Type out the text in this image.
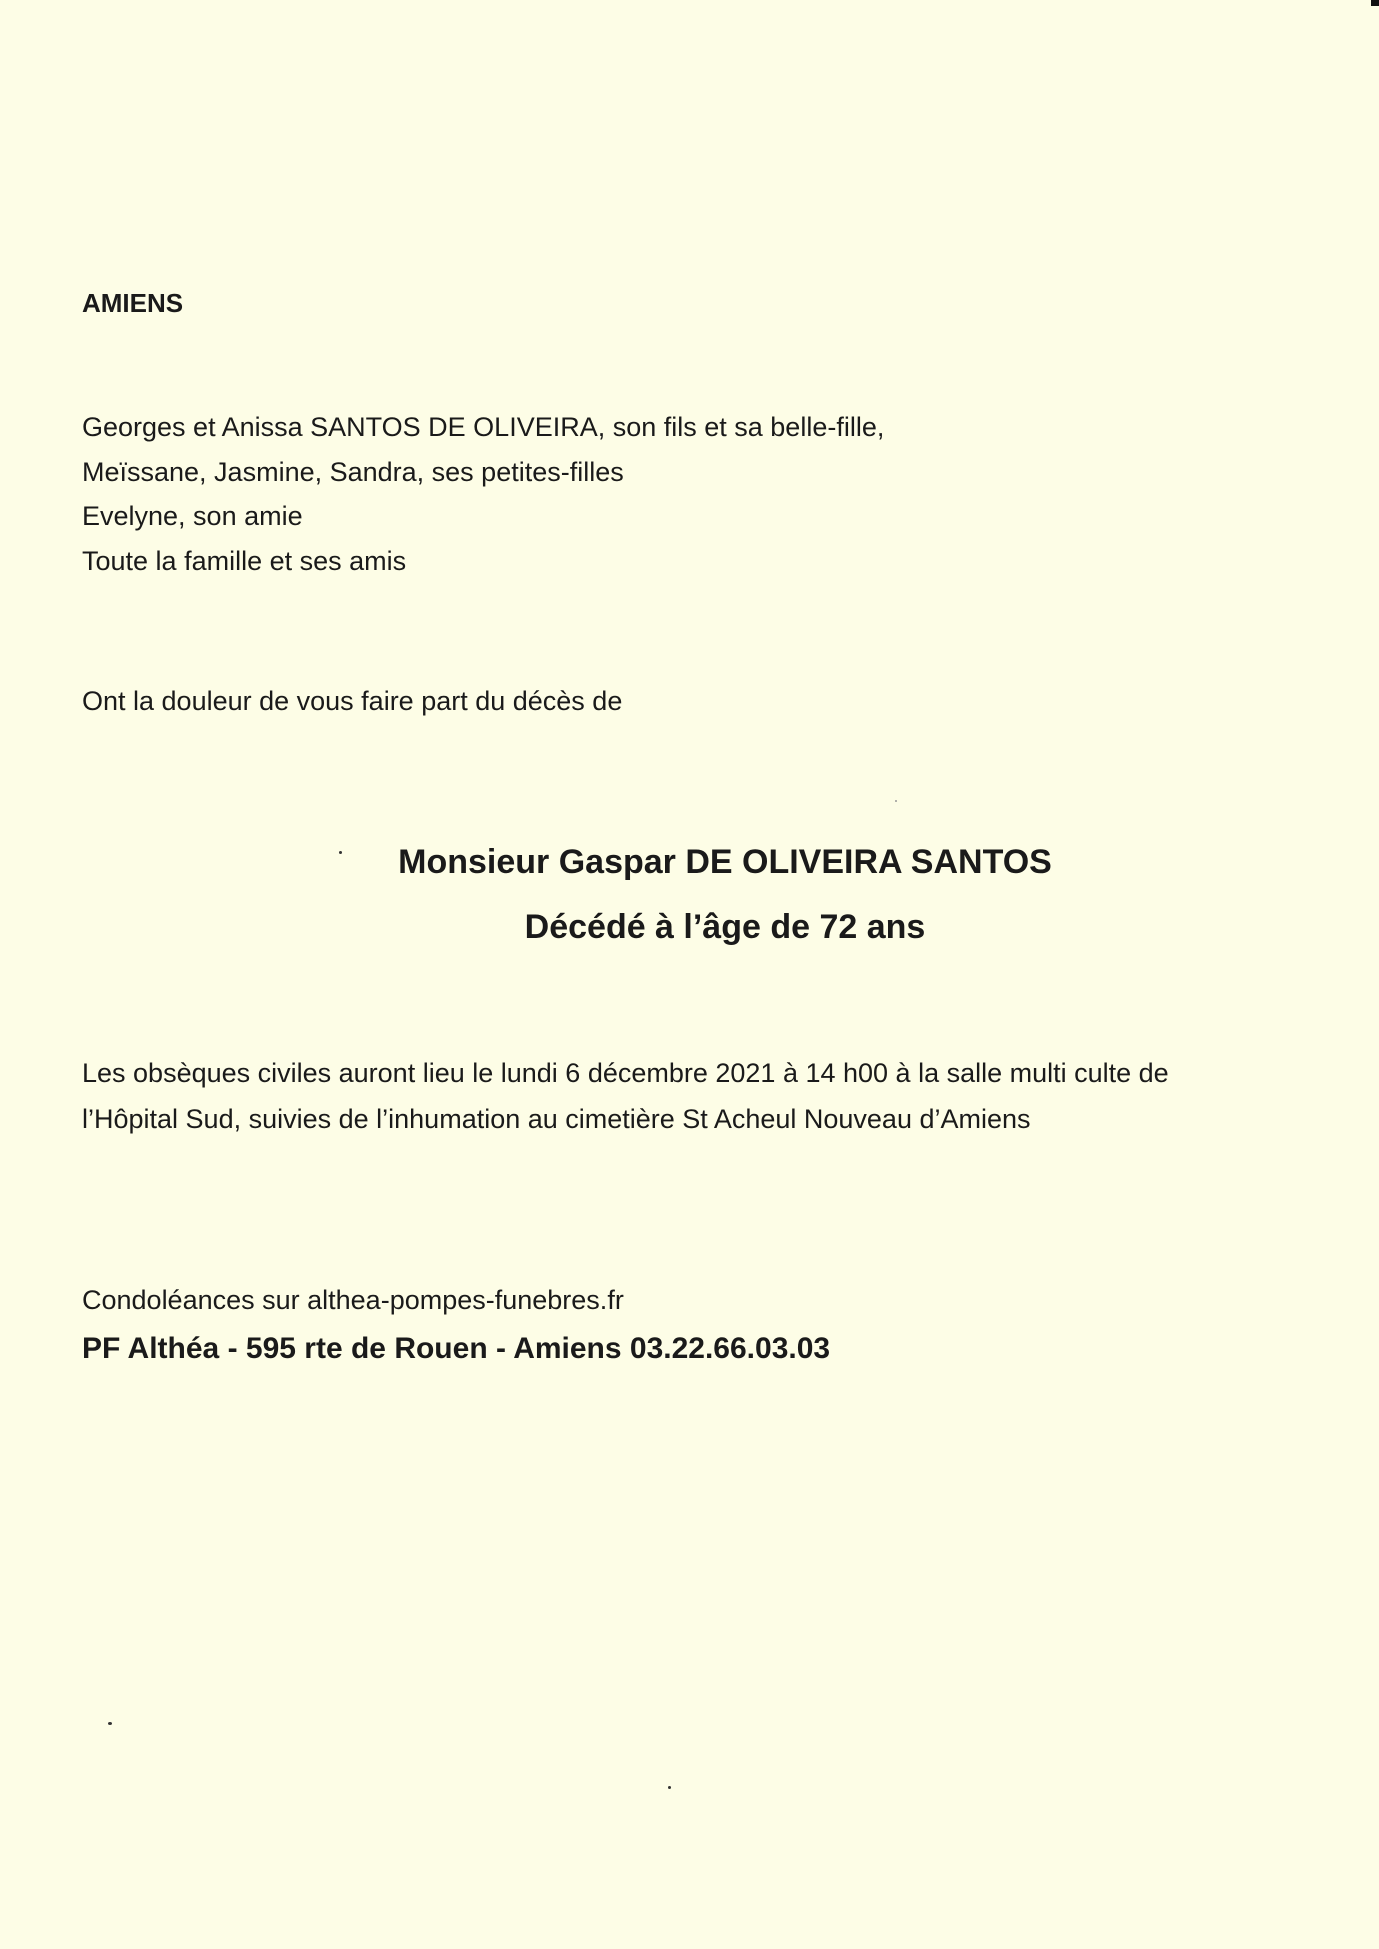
AMIENS
Georges et Anissa SANTOS DE OLIVEIRA, son fils et sa belle-fille,
Meïssane, Jasmine, Sandra, ses petites-filles
Evelyne, son amie
Toute la famille et ses amis
Ont la douleur de vous faire part du décès de
Monsieur Gaspar DE OLIVEIRA SANTOS
Décédé à l’âge de 72 ans
Les obsèques civiles auront lieu le lundi 6 décembre 2021 à 14 h00 à la salle multi culte de
l’Hôpital Sud, suivies de l’inhumation au cimetière St Acheul Nouveau d’Amiens
Condoléances sur althea-pompes-funebres.fr
PF Althéa - 595 rte de Rouen - Amiens 03.22.66.03.03
